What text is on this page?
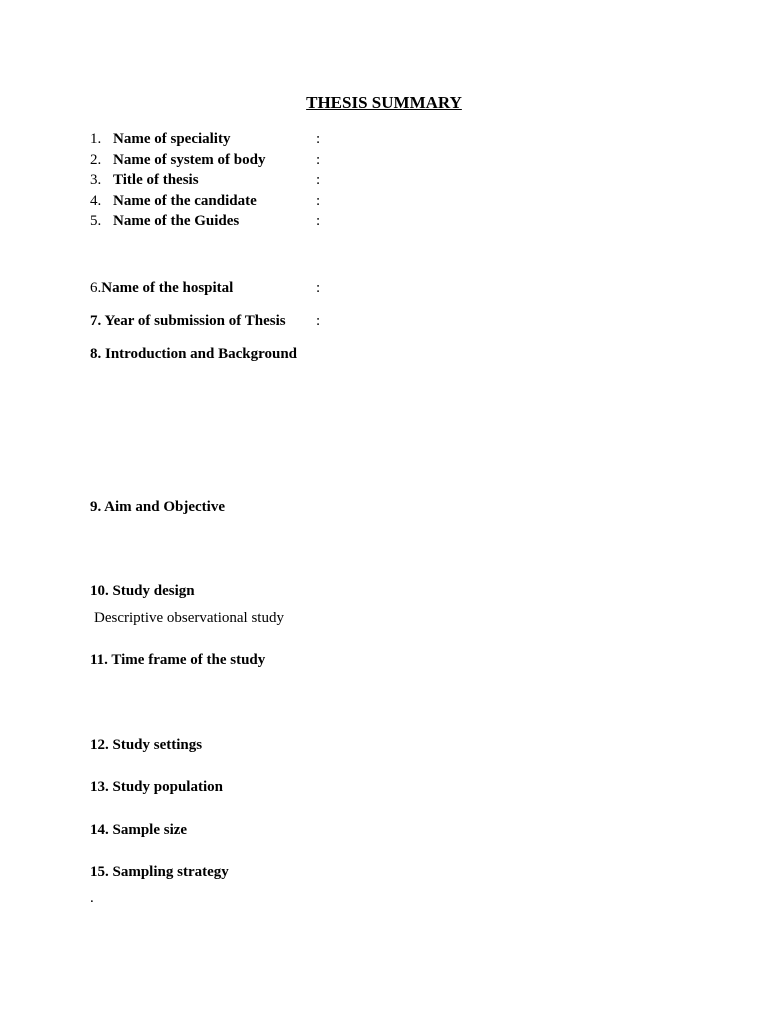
THESIS SUMMARY
1. Name of speciality	:
2. Name of system of body	:
3. Title of thesis	:
4. Name of the candidate	:
5. Name of the Guides	:
6.Name of the hospital	:
7. Year of submission of Thesis :
8. Introduction and Background
9. Aim and Objective
10. Study design
Descriptive observational study
11. Time frame of the study
12. Study settings
13. Study population
14. Sample size
15. Sampling strategy
.
